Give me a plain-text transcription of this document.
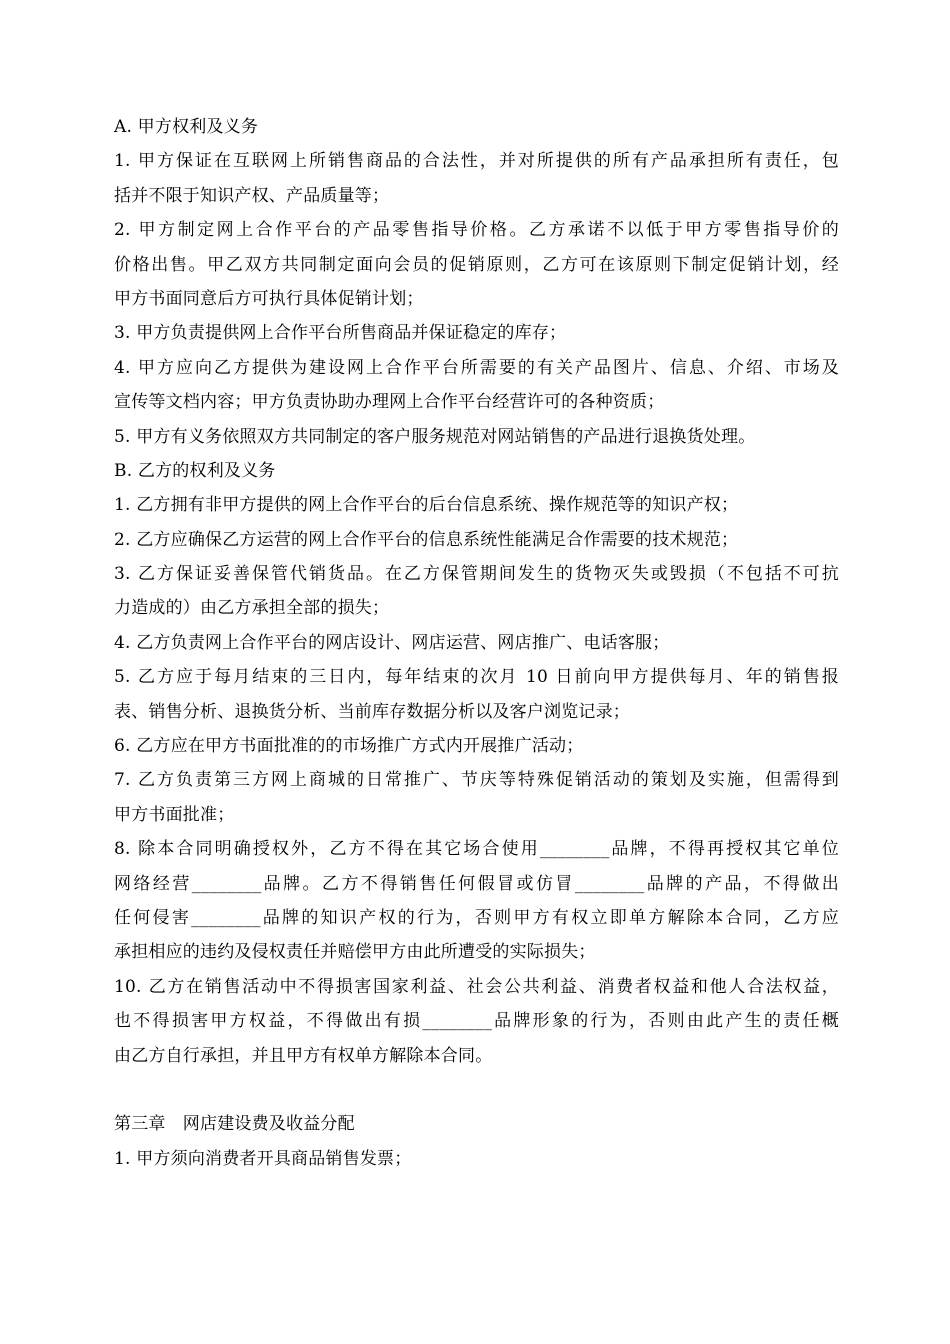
A. 甲方权利及义务
1. 甲方保证在互联网上所销售商品的合法性，并对所提供的所有产品承担所有责任，包
括并不限于知识产权、产品质量等；
2. 甲方制定网上合作平台的产品零售指导价格。乙方承诺不以低于甲方零售指导价的
价格出售。甲乙双方共同制定面向会员的促销原则，乙方可在该原则下制定促销计划，经
甲方书面同意后方可执行具体促销计划；
3. 甲方负责提供网上合作平台所售商品并保证稳定的库存；
4. 甲方应向乙方提供为建设网上合作平台所需要的有关产品图片、信息、介绍、市场及
宣传等文档内容；甲方负责协助办理网上合作平台经营许可的各种资质；
5. 甲方有义务依照双方共同制定的客户服务规范对网站销售的产品进行退换货处理。
B. 乙方的权利及义务
1. 乙方拥有非甲方提供的网上合作平台的后台信息系统、操作规范等的知识产权；
2. 乙方应确保乙方运营的网上合作平台的信息系统性能满足合作需要的技术规范；
3. 乙方保证妥善保管代销货品。在乙方保管期间发生的货物灭失或毁损（不包括不可抗
力造成的）由乙方承担全部的损失；
4. 乙方负责网上合作平台的网店设计、网店运营、网店推广、电话客服；
5. 乙方应于每月结束的三日内，每年结束的次月 10 日前向甲方提供每月、年的销售报
表、销售分析、退换货分析、当前库存数据分析以及客户浏览记录；
6. 乙方应在甲方书面批准的的市场推广方式内开展推广活动；
7. 乙方负责第三方网上商城的日常推广、节庆等特殊促销活动的策划及实施，但需得到
甲方书面批准；
8. 除本合同明确授权外，乙方不得在其它场合使用________品牌，不得再授权其它单位
网络经营________品牌。乙方不得销售任何假冒或仿冒________品牌的产品，不得做出
任何侵害________品牌的知识产权的行为，否则甲方有权立即单方解除本合同，乙方应
承担相应的违约及侵权责任并赔偿甲方由此所遭受的实际损失；
10. 乙方在销售活动中不得损害国家利益、社会公共利益、消费者权益和他人合法权益，
也不得损害甲方权益，不得做出有损________品牌形象的行为，否则由此产生的责任概
由乙方自行承担，并且甲方有权单方解除本合同。
第三章　网店建设费及收益分配
1. 甲方须向消费者开具商品销售发票；
